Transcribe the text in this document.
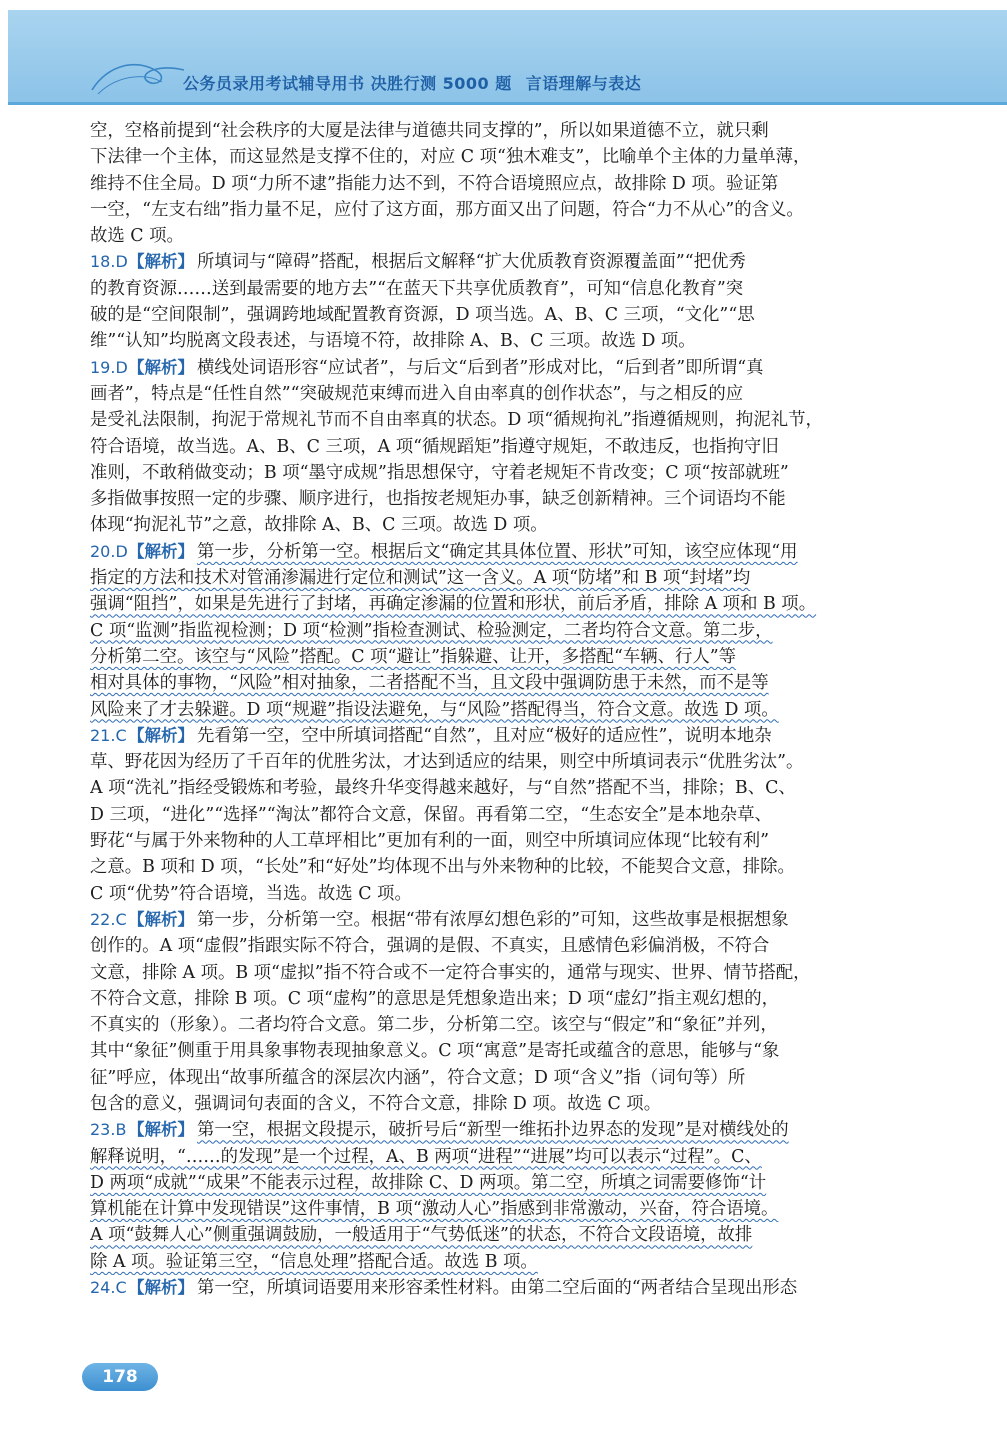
公务员录用考试辅导用书 决胜行测 5000 题 言语理解与表达
空，空格前提到“社会秩序的大厦是法律与道德共同支撑的”，所以如果道德不立，就只剩
下法律一个主体，而这显然是支撑不住的，对应 C 项“独木难支”，比喻单个主体的力量单薄，
维持不住全局。D 项“力所不逮”指能力达不到，不符合语境照应点，故排除 D 项。验证第
一空，“左支右绌”指力量不足，应付了这方面，那方面又出了问题，符合“力不从心”的含义。
故选 C 项。
18.D【解析】 所填词与“障碍”搭配，根据后文解释“扩大优质教育资源覆盖面”“把优秀
的教育资源……送到最需要的地方去”“在蓝天下共享优质教育”，可知“信息化教育”突
破的是“空间限制”，强调跨地域配置教育资源，D 项当选。A、B、C 三项，“文化”“思
维”“认知”均脱离文段表述，与语境不符，故排除 A、B、C 三项。故选 D 项。
19.D【解析】 横线处词语形容“应试者”，与后文“后到者”形成对比，“后到者”即所谓“真
画者”，特点是“任性自然”“突破规范束缚而进入自由率真的创作状态”，与之相反的应
是受礼法限制，拘泥于常规礼节而不自由率真的状态。D 项“循规拘礼”指遵循规则，拘泥礼节，
符合语境，故当选。A、B、C 三项，A 项“循规蹈矩”指遵守规矩，不敢违反，也指拘守旧
准则，不敢稍做变动；B 项“墨守成规”指思想保守，守着老规矩不肯改变；C 项“按部就班”
多指做事按照一定的步骤、顺序进行，也指按老规矩办事，缺乏创新精神。三个词语均不能
体现“拘泥礼节”之意，故排除 A、B、C 三项。故选 D 项。
20.D【解析】 第一步，分析第一空。根据后文“确定其具体位置、形状”可知，该空应体现“用
指定的方法和技术对管涌渗漏进行定位和测试”这一含义。A 项“防堵”和 B 项“封堵”均
强调“阻挡”，如果是先进行了封堵，再确定渗漏的位置和形状，前后矛盾，排除 A 项和 B 项。
C 项“监测”指监视检测；D 项“检测”指检查测试、检验测定，二者均符合文意。第二步，
分析第二空。该空与“风险”搭配。C 项“避让”指躲避、让开，多搭配“车辆、行人”等
相对具体的事物，“风险”相对抽象，二者搭配不当，且文段中强调防患于未然，而不是等
风险来了才去躲避。D 项“规避”指设法避免，与“风险”搭配得当，符合文意。故选 D 项。
21.C【解析】 先看第一空，空中所填词搭配“自然”，且对应“极好的适应性”，说明本地杂
草、野花因为经历了千百年的优胜劣汰，才达到适应的结果，则空中所填词表示“优胜劣汰”。
A 项“洗礼”指经受锻炼和考验，最终升华变得越来越好，与“自然”搭配不当，排除；B、C、
D 三项，“进化”“选择”“淘汰”都符合文意，保留。再看第二空，“生态安全”是本地杂草、
野花“与属于外来物种的人工草坪相比”更加有利的一面，则空中所填词应体现“比较有利”
之意。B 项和 D 项，“长处”和“好处”均体现不出与外来物种的比较，不能契合文意，排除。
C 项“优势”符合语境，当选。故选 C 项。
22.C【解析】 第一步，分析第一空。根据“带有浓厚幻想色彩的”可知，这些故事是根据想象
创作的。A 项“虚假”指跟实际不符合，强调的是假、不真实，且感情色彩偏消极，不符合
文意，排除 A 项。B 项“虚拟”指不符合或不一定符合事实的，通常与现实、世界、情节搭配，
不符合文意，排除 B 项。C 项“虚构”的意思是凭想象造出来；D 项“虚幻”指主观幻想的，
不真实的（形象）。二者均符合文意。第二步，分析第二空。该空与“假定”和“象征”并列，
其中“象征”侧重于用具象事物表现抽象意义。C 项“寓意”是寄托或蕴含的意思，能够与“象
征”呼应，体现出“故事所蕴含的深层次内涵”，符合文意；D 项“含义”指（词句等）所
包含的意义，强调词句表面的含义，不符合文意，排除 D 项。故选 C 项。
23.B【解析】 第一空，根据文段提示，破折号后“新型一维拓扑边界态的发现”是对横线处的
解释说明，“……的发现”是一个过程，A、B 两项“进程”“进展”均可以表示“过程”。C、
D 两项“成就”“成果”不能表示过程，故排除 C、D 两项。第二空，所填之词需要修饰“计
算机能在计算中发现错误”这件事情，B 项“激动人心”指感到非常激动，兴奋，符合语境。
A 项“鼓舞人心”侧重强调鼓励，一般适用于“气势低迷”的状态，不符合文段语境，故排
除 A 项。验证第三空，“信息处理”搭配合适。故选 B 项。
24.C【解析】 第一空，所填词语要用来形容柔性材料。由第二空后面的“两者结合呈现出形态
178
